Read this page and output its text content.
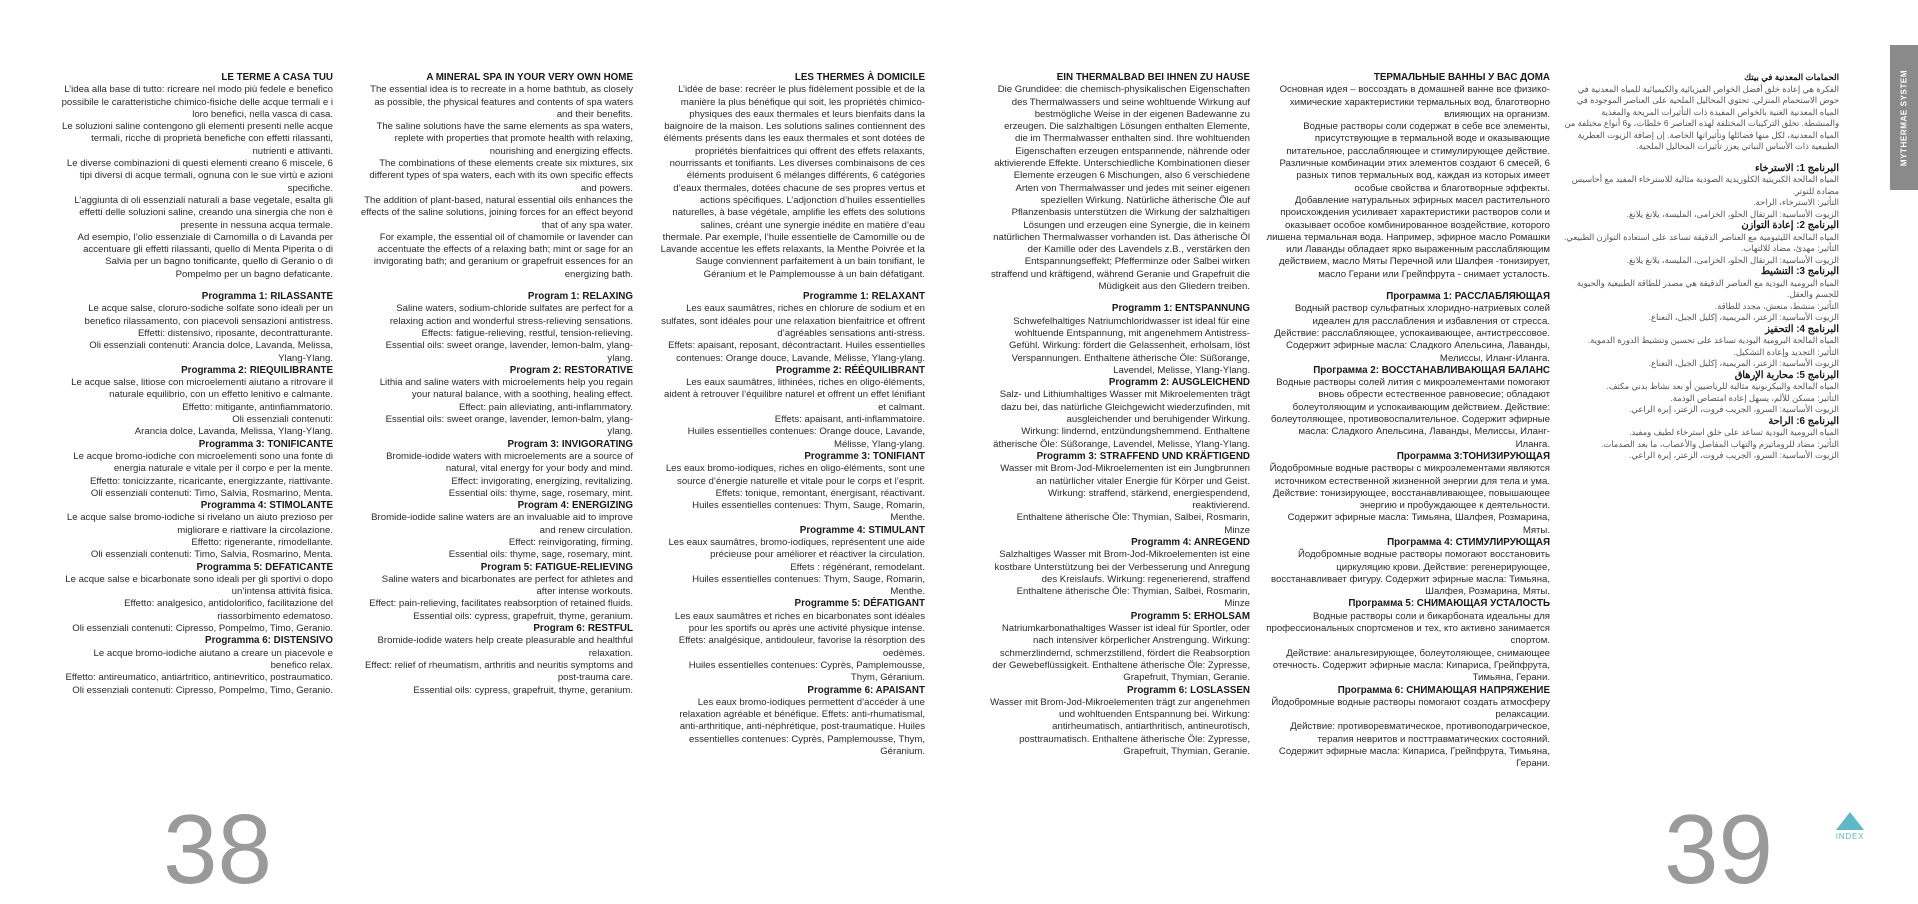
MYTHERMAE SYSTEM
LE TERME A CASA TUU

L’idea alla base di tutto: ricreare nel modo più fedele e benefico possibile le caratteristiche chimico-fisiche delle acque termali e i loro benefici, nella vasca di casa.

Le soluzioni saline contengono gli elementi presenti nelle acque termali, ricche di proprietà benefiche con effetti rilassanti, nutrienti e attivanti.

Le diverse combinazioni di questi elementi creano 6 miscele, 6 tipi diversi di acque termali, ognuna con le sue virtù e azioni specifiche.

L’aggiunta di oli essenziali naturali a base vegetale, esalta gli effetti delle soluzioni saline, creando una sinergia che non è presente in nessuna acqua termale.

Ad esempio, l’olio essenziale di Camomilla o di Lavanda per accentuare gli effetti rilassanti, quello di Menta Piperita o di Salvia per un bagno tonificante, quello di Geranio o di Pompelmo per un bagno defaticante.

Programma 1: RILASSANTE

Le acque salse, cloruro-sodiche solfate sono ideali per un benefico rilassamento, con piacevoli sensazioni antistress.

Effetti: distensivo, riposante, decontratturante.

Oli essenziali contenuti: Arancia dolce, Lavanda, Melissa, Ylang-Ylang.

Programma 2: RIEQUILIBRANTE

Le acque salse, litiose con microelementi aiutano a ritrovare il naturale equilibrio, con un effetto lenitivo e calmante.

Effetto: mitigante, antinfiammatorio.

Oli essenziali contenuti:

Arancia dolce, Lavanda, Melissa, Ylang-Ylang.

Programma 3: TONIFICANTE

Le acque bromo-iodiche con microelementi sono una fonte di energia naturale e vitale per il corpo e per la mente.

Effetto: tonicizzante, ricaricante, energizzante, riattivante.

Oli essenziali contenuti: Timo, Salvia, Rosmarino, Menta.

Programma 4: STIMOLANTE

Le acque salse bromo-iodiche si rivelano un aiuto prezioso per migliorare e riattivare la circolazione.

Effetto: rigenerante, rimodellante.

Oli essenziali contenuti: Timo, Salvia, Rosmarino, Menta.

Programma 5: DEFATICANTE

Le acque salse e bicarbonate sono ideali per gli sportivi o dopo un’intensa attività fisica.

Effetto: analgesico, antidolorifico, facilitazione del riassorbimento edematoso.

Oli essenziali contenuti: Cipresso, Pompelmo, Timo, Geranio.

Programma 6: DISTENSIVO

Le acque bromo-iodiche aiutano a creare un piacevole e benefico relax.

Effetto: antireumatico, antiartritico, antinevritico, postraumatico.

Oli essenziali contenuti: Cipresso, Pompelmo, Timo, Geranio.

A MINERAL SPA IN YOUR VERY OWN HOME

The essential idea is to recreate in a home bathtub, as closely as possible, the physical features and contents of spa waters and their benefits.

The saline solutions have the same elements as spa waters, replete with properties that promote health with relaxing, nourishing and energizing effects.

The combinations of these elements create six mixtures, six different types of spa waters, each with its own specific effects and powers.

The addition of plant-based, natural essential oils enhances the effects of the saline solutions, joining forces for an effect beyond that of any spa water.

For example, the essential oil of chamomile or lavender can accentuate the effects of a relaxing bath; mint or sage for an invigorating bath; and geranium or grapefruit essences for an energizing bath.

Program 1: RELAXING

Saline waters, sodium-chloride sulfates are perfect for a relaxing action and wonderful stress-relieving sensations.

Effects: fatigue-relieving, restful, tension-relieving.

Essential oils: sweet orange, lavender, lemon-balm, ylang-ylang.

Program 2: RESTORATIVE

Lithia and saline waters with microelements help you regain your natural balance, with a soothing, healing effect.

Effect: pain alleviating, anti-inflammatory.

Essential oils: sweet orange, lavender, lemon-balm, ylang-ylang.

Program 3: INVIGORATING

Bromide-iodide waters with microelements are a source of natural, vital energy for your body and mind.

Effect: invigorating, energizing, revitalizing.

Essential oils: thyme, sage, rosemary, mint.

Program 4: ENERGIZING

Bromide-iodide saline waters are an invaluable aid to improve and renew circulation.

Effect: reinvigorating, firming.

Essential oils: thyme, sage, rosemary, mint.

Program 5: FATIGUE-RELIEVING

Saline waters and bicarbonates are perfect for athletes and after intense workouts.

Effect: pain-relieving, facilitates reabsorption of retained fluids.

Essential oils: cypress, grapefruit, thyme, geranium.

Program 6: RESTFUL

Bromide-iodide waters help create pleasurable and healthful relaxation.

Effect: relief of rheumatism, arthritis and neuritis symptoms and post-trauma care.

Essential oils: cypress, grapefruit, thyme, geranium.

LES THERMES À DOMICILE

L’idée de base: recréer le plus fidèlement possible et de la manière la plus bénéfique qui soit, les propriétés chimico-physiques des eaux thermales et leurs bienfaits dans la baignoire de la maison. Les solutions salines contiennent des éléments présents dans les eaux thermales et sont dotées de propriétés bienfaitrices qui offrent des effets relaxants, nourrissants et tonifiants. Les diverses combinaisons de ces éléments produisent 6 mélanges différents, 6 catégories d’eaux thermales, dotées chacune de ses propres vertus et actions spécifiques. L’adjonction d’huiles essentielles naturelles, à base végétale, amplifie les effets des solutions salines, créant une synergie inédite en matière d’eau thermale. Par exemple, l’huile essentielle de Camomille ou de Lavande accentue les effets relaxants, la Menthe Poivrée et la Sauge conviennent parfaitement à un bain tonifiant, le Géranium et le Pamplemousse à un bain défatigant.

Programme 1: RELAXANT

Les eaux saumâtres, riches en chlorure de sodium et en sulfates, sont idéales pour une relaxation bienfaitrice et offrent d’agréables sensations anti-stress.

Effets: apaisant, reposant, décontractant. Huiles essentielles contenues: Orange douce, Lavande, Mélisse, Ylang-ylang.

Programme 2: RÉÉQUILIBRANT

Les eaux saumâtres, lithinées, riches en oligo-éléments, aident à retrouver l’équilibre naturel et offrent un effet lénifiant et calmant.

Effets: apaisant, anti-inflammatoire.

Huiles essentielles contenues: Orange douce, Lavande, Mélisse, Ylang-ylang.

Programme 3: TONIFIANT

Les eaux bromo-iodiques, riches en oligo-éléments, sont une source d’énergie naturelle et vitale pour le corps et l’esprit.

Effets: tonique, remontant, énergisant, réactivant.

Huiles essentielles contenues: Thym, Sauge, Romarin, Menthe.

Programme 4: STIMULANT

Les eaux saumâtres, bromo-iodiques, représentent une aide précieuse pour améliorer et réactiver la circulation.

Effets : régénérant, remodelant.

Huiles essentielles contenues: Thym, Sauge, Romarin, Menthe.

Programme 5: DÉFATIGANT

Les eaux saumâtres et riches en bicarbonates sont idéales pour les sportifs ou après une activité physique intense.

Effets: analgésique, antidouleur, favorise la résorption des oedèmes.

Huiles essentielles contenues: Cyprès, Pamplemousse, Thym, Géranium.

Programme 6: APAISANT

Les eaux bromo-iodiques permettent d’accéder à une relaxation agréable et bénéfique. Effets: anti-rhumatismal, anti-arthritique, anti-néphrétique, post-traumatique. Huiles essentielles contenues: Cyprès, Pamplemousse, Thym, Géranium.

EIN THERMALBAD BEI IHNEN ZU HAUSE

Die Grundidee: die chemisch-physikalischen Eigenschaften des Thermalwassers und seine wohltuende Wirkung auf bestmögliche Weise in der eigenen Badewanne zu erzeugen. Die salzhaltigen Lösungen enthalten Elemente, die im Thermalwasser enthalten sind. Ihre wohltuenden Eigenschaften erzeugen entspannende, nährende oder aktivierende Effekte. Unterschiedliche Kombinationen dieser Elemente erzeugen 6 Mischungen, also 6 verschiedene Arten von Thermalwasser und jedes mit seiner eigenen speziellen Wirkung. Natürliche ätherische Öle auf Pflanzenbasis unterstützen die Wirkung der salzhaltigen Lösungen und erzeugen eine Synergie, die in keinem natürlichen Thermalwasser vorhanden ist. Das ätherische Öl der Kamille oder des Lavendels z.B., verstärken den Entspannungseffekt; Pfefferminze oder Salbei wirken straffend und kräftigend, während Geranie und Grapefruit die Müdigkeit aus den Gliedern treiben.

Programm 1: ENTSPANNUNG

Schwefelhaltiges Natriumchloridwasser ist ideal für eine wohltuende Entspannung, mit angenehmem Antistress-Gefühl. Wirkung: fördert die Gelassenheit, erholsam, löst Verspannungen. Enthaltene ätherische Öle: Süßorange, Lavendel, Melisse, Ylang-Ylang.

Programm 2: AUSGLEICHEND

Salz- und Lithiumhaltiges Wasser mit Mikroelementen trägt dazu bei, das natürliche Gleichgewicht wiederzufinden, mit ausgleichender und beruhigender Wirkung.

Wirkung: lindernd, entzündungshemmend. Enthaltene ätherische Öle: Süßorange, Lavendel, Melisse, Ylang-Ylang.

Programm 3: STRAFFEND UND KRÄFTIGEND

Wasser mit Brom-Jod-Mikroelementen ist ein Jungbrunnen an natürlicher vitaler Energie für Körper und Geist.

Wirkung: straffend, stärkend, energiespendend, reaktivierend.

Enthaltene ätherische Öle: Thymian, Salbei, Rosmarin, Minze

Programm 4: ANREGEND

Salzhaltiges Wasser mit Brom-Jod-Mikroelementen ist eine kostbare Unterstützung bei der Verbesserung und Anregung des Kreislaufs. Wirkung: regenerierend, straffend

Enthaltene ätherische Öle: Thymian, Salbei, Rosmarin, Minze

Programm 5: ERHOLSAM

Natriumkarbonathaltiges Wasser ist ideal für Sportler, oder nach intensiver körperlicher Anstrengung. Wirkung: schmerzlindernd, schmerzstillend, fördert die Reabsorption der Gewebeflüssigkeit. Enthaltene ätherische Öle: Zypresse, Grapefruit, Thymian, Geranie.

Programm 6: LOSLASSEN

Wasser mit Brom-Jod-Mikroelementen trägt zur angenehmen und wohltuenden Entspannung bei. Wirkung: antirheumatisch, antiarthritisch, antineurotisch, posttraumatisch. Enthaltene ätherische Öle: Zypresse, Grapefruit, Thymian, Geranie.

ТЕРМАЛЬНЫЕ ВАННЫ У ВАС ДОМА

Основная идея – воссоздать в домашней ванне все физико-химические характеристики термальных вод, благотворно влияющих на организм.

Водные растворы соли содержат в себе все элементы, присутствующие в термальной воде и оказывающие питательное, расслабляющее и стимулирующее действие. Различные комбинации этих элементов создают 6 смесей, 6 разных типов термальных вод, каждая из которых имеет особые свойства и благотворные эффекты.

Добавление натуральных эфирных масел растительного происхождения усиливает характеристики растворов соли и оказывает особое комбинированное воздействие, которого лишена термальная вода. Например, эфирное масло Ромашки или Лаванды обладает ярко выраженным расслабляющим действием, масло Мяты Перечной или Шалфея -тонизирует, масло Герани или Грейпфрута - снимает усталость.

Программа 1: РАССЛАБЛЯЮЩАЯ

Водный раствор сульфатных хлоридно-натриевых солей идеален для расслабления и избавления от стресса. Действие: расслабляющее, успокаивающее, антистрессовое. Содержит эфирные масла: Сладкого Апельсина, Лаванды, Мелиссы, Иланг-Иланга.

Программа 2: ВОССТАНАВЛИВАЮЩАЯ БАЛАНС

Водные растворы солей лития с микроэлементами помогают вновь обрести естественное равновесие; обладают болеутоляющим и успокаивающим действием. Действие: болеутоляющее, противовоспалительное. Содержит эфирные масла: Сладкого Апельсина, Лаванды, Мелиссы, Иланг-Иланга.

Программа 3:ТОНИЗИРУЮЩАЯ

Йодобромные водные растворы с микроэлементами являются источником естественной жизненной энергии для тела и ума. Действие: тонизирующее, восстанавливающее, повышающее энергию и пробуждающее к деятельности.

Содержит эфирные масла: Тимьяна, Шалфея, Розмарина, Мяты.

Программа 4: СТИМУЛИРУЮЩАЯ

Йодобромные водные растворы помогают восстановить циркуляцию крови. Действие: регенерирующее, восстанавливает фигуру. Содержит эфирные масла: Тимьяна, Шалфея, Розмарина, Мяты.

Программа 5: СНИМАЮЩАЯ УСТАЛОСТЬ

Водные растворы соли и бикарбоната идеальны для профессиональных спортсменов и тех, кто активно занимается спортом.

Действие: анальгезирующее, болеутоляющее, снимающее отечность. Содержит эфирные масла: Кипариса, Грейпфрута, Тимьяна, Герани.

Программа 6: СНИМАЮЩАЯ НАПРЯЖЕНИЕ

Йодобромные водные растворы помогают создать атмосферу релаксации.

Действие: противоревматическое, противоподагрическое, терапия невритов и посттравматических состояний.

Содержит эфирные масла: Кипариса, Грейпфрута, Тимьяна, Герани.

الحمامات المعدنية في بيتك

الفكرة هي إعادة خلق أفضل الخواص الفيزيائية والكيميائية للمياه المعدنية في حوض الاستحمام المنزلي. تحتوي المحاليل الملحية على العناصر الموجودة في المياه المعدنية الغنية بالخواص المفيدة ذات التأثيرات المريحة والمغذية والمنشطة. تخلق التركيبات المختلفة لهذه العناصر 6 خلطات، و6 أنواع مختلفة من المياه المعدنية، لكل منها فضائلها وتأثيراتها الخاصة. إن إضافة الزيوت العطرية الطبيعية ذات الأساس النباتي يعزز تأثيرات المحاليل الملحية.

البرنامج 1: الاسترخاء

المياه المالحة الكبريتية الكلوريدية الصودية مثالية للاسترخاء المفيد مع أحاسيس مضادة للتوتر.

التأثير: الاسترخاء، الراحة.

الزيوت الأساسية: البرتقال الحلو، الخزامى، المليسة، يلانغ يلانغ.

البرنامج 2: إعادة التوازن

المياه المالحة الليثيومية مع العناصر الدقيقة تساعد على استعادة التوازن الطبيعي.

التأثير: مهدئ، مضاد للالتهاب.

الزيوت الأساسية: البرتقال الحلو، الخزامى، المليسة، يلانغ يلانغ.

البرنامج 3: التنشيط

المياه البرومية اليودية مع العناصر الدقيقة هي مصدر للطاقة الطبيعية والحيوية للجسم والعقل.

التأثير: منشط، منعش، مجدد للطاقة.

الزيوت الأساسية: الزعتر، المريمية، إكليل الجبل، النعناع.

البرنامج 4: التحفيز

المياه المالحة البرومية اليودية تساعد على تحسين وتنشيط الدورة الدموية.

التأثير: التجديد وإعادة التشكيل.

الزيوت الأساسية: الزعتر، المريمية، إكليل الجبل، النعناع.

البرنامج 5: محاربة الإرهاق

المياه المالحة والبيكربونية مثالية للرياضيين أو بعد نشاط بدني مكثف.

التأثير: مسكن للألم، يسهل إعادة امتصاص الوذمة.

الزيوت الأساسية: السرو، الجريب فروت، الزعتر، إبرة الراعي.

البرنامج 6: الراحة

المياه البرومية اليودية تساعد على خلق استرخاء لطيف ومفيد.

التأثير: مضاد للروماتيزم والتهاب المفاصل والأعصاب، ما بعد الصدمات.

الزيوت الأساسية: السرو، الجريب فروت، الزعتر، إبرة الراعي.

38	39	INDEX
